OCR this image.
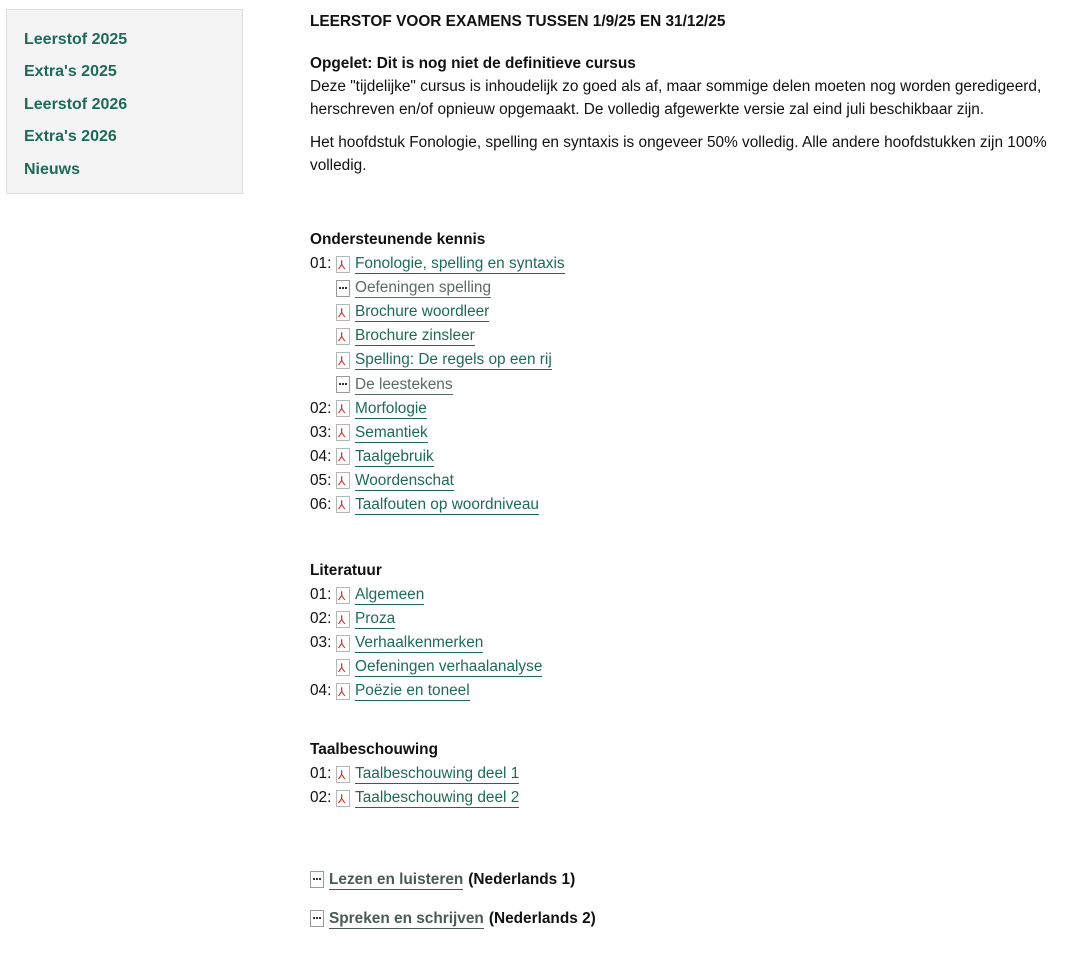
Leerstof 2025
Extra's 2025
Leerstof 2026
Extra's 2026
Nieuws
LEERSTOF VOOR EXAMENS TUSSEN 1/9/25 EN 31/12/25
Opgelet: Dit is nog niet de definitieve cursus
Deze "tijdelijke" cursus is inhoudelijk zo goed als af, maar sommige delen moeten nog worden geredigeerd, herschreven en/of opnieuw opgemaakt. De volledig afgewerkte versie zal eind juli beschikbaar zijn.
Het hoofdstuk Fonologie, spelling en syntaxis is ongeveer 50% volledig. Alle andere hoofdstukken zijn 100% volledig.
Ondersteunende kennis
01: ⅄ Fonologie, spelling en syntaxis
Oefeningen spelling
⅄
Brochure woordleer
⅄
Brochure zinsleer
⅄
Spelling: De regels op een rij
De leestekens
02: ⅄ Morfologie
03: ⅄ Semantiek
04: ⅄ Taalgebruik
05: ⅄ Woordenschat
06: ⅄ Taalfouten op woordniveau
Literatuur
01: ⅄ Algemeen
02: ⅄ Proza
03: ⅄ Verhaalkenmerken
⅄
Oefeningen verhaalanalyse
04: ⅄ Poëzie en toneel
Taalbeschouwing
01: ⅄ Taalbeschouwing deel 1
02: ⅄ Taalbeschouwing deel 2
Lezen en luisteren (Nederlands 1)
Spreken en schrijven (Nederlands 2)
